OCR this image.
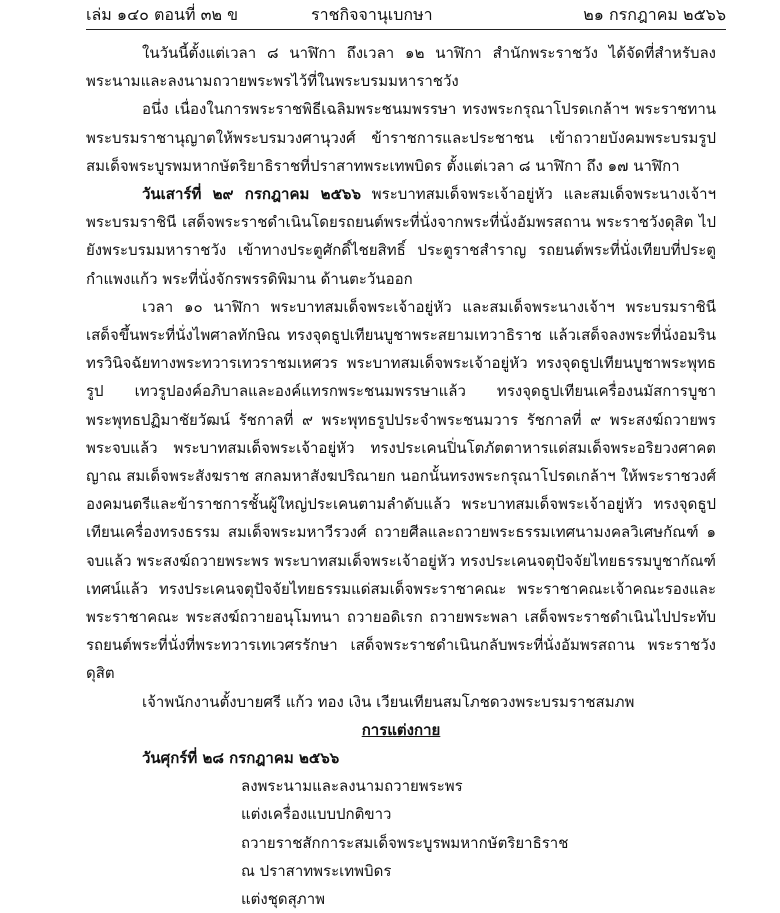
เล่ม ๑๔๐ ตอนที่ ๓๒ ข	ราชกิจจานุเบกษา	๒๑ กรกฎาคม ๒๕๖๖

ในวันนี้ตั้งแต่เวลา ๘ นาฬิกา ถึงเวลา ๑๒ นาฬิกา สำนักพระราชวัง ได้จัดที่สำหรับลงพระนามและลงนามถวายพระพรไว้ที่ในพระบรมมหาราชวัง

อนึ่ง เนื่องในการพระราชพิธีเฉลิมพระชนมพรรษา ทรงพระกรุณาโปรดเกล้าฯ พระราชทานพระบรมราชานุญาตให้พระบรมวงศานุวงศ์ ข้าราชการและประชาชน เข้าถวายบังคมพระบรมรูปสมเด็จพระบูรพมหากษัตริยาธิราชที่ปราสาทพระเทพบิดร ตั้งแต่เวลา ๘ นาฬิกา ถึง ๑๗ นาฬิกา

วันเสาร์ที่ ๒๙ กรกฎาคม ๒๕๖๖ พระบาทสมเด็จพระเจ้าอยู่หัว และสมเด็จพระนางเจ้าฯ พระบรมราชินี เสด็จพระราชดำเนินโดยรถยนต์พระที่นั่งจากพระที่นั่งอัมพรสถาน พระราชวังดุสิต ไปยังพระบรมมหาราชวัง เข้าทางประตูศักดิ์ไชยสิทธิ์ ประตูราชสำราญ รถยนต์พระที่นั่งเทียบที่ประตูกำแพงแก้ว พระที่นั่งจักรพรรดิพิมาน ด้านตะวันออก

เวลา ๑๐ นาฬิกา พระบาทสมเด็จพระเจ้าอยู่หัว และสมเด็จพระนางเจ้าฯ พระบรมราชินี เสด็จขึ้นพระที่นั่งไพศาลทักษิณ ทรงจุดธูปเทียนบูชาพระสยามเทวาธิราช แล้วเสด็จลงพระที่นั่งอมรินทรวินิจฉัยทางพระทวารเทวราชมเหศวร พระบาทสมเด็จพระเจ้าอยู่หัว ทรงจุดธูปเทียนบูชาพระพุทธรูป เทวรูปองค์อภิบาลและองค์แทรกพระชนมพรรษาแล้ว ทรงจุดธูปเทียนเครื่องนมัสการบูชาพระพุทธปฏิมาชัยวัฒน์ รัชกาลที่ ๙ พระพุทธรูปประจำพระชนมวาร รัชกาลที่ ๙ พระสงฆ์ถวายพรพระจบแล้ว พระบาทสมเด็จพระเจ้าอยู่หัว ทรงประเคนปิ่นโตภัตตาหารแด่สมเด็จพระอริยวงศาคตญาณ สมเด็จพระสังฆราช สกลมหาสังฆปริณายก นอกนั้นทรงพระกรุณาโปรดเกล้าฯ ให้พระราชวงศ์ องคมนตรีและข้าราชการชั้นผู้ใหญ่ประเคนตามลำดับแล้ว พระบาทสมเด็จพระเจ้าอยู่หัว ทรงจุดธูปเทียนเครื่องทรงธรรม สมเด็จพระมหาวีรวงศ์ ถวายศีลและถวายพระธรรมเทศนามงคลวิเศษกัณฑ์ ๑ จบแล้ว พระสงฆ์ถวายพระพร พระบาทสมเด็จพระเจ้าอยู่หัว ทรงประเคนจตุปัจจัยไทยธรรมบูชากัณฑ์เทศน์แล้ว ทรงประเคนจตุปัจจัยไทยธรรมแด่สมเด็จพระราชาคณะ พระราชาคณะเจ้าคณะรองและพระราชาคณะ พระสงฆ์ถวายอนุโมทนา ถวายอดิเรก ถวายพระพลา เสด็จพระราชดำเนินไปประทับรถยนต์พระที่นั่งที่พระทวารเทเวศรรักษา เสด็จพระราชดำเนินกลับพระที่นั่งอัมพรสถาน พระราชวังดุสิต

เจ้าพนักงานตั้งบายศรี แก้ว ทอง เงิน เวียนเทียนสมโภชดวงพระบรมราชสมภพ

การแต่งกาย

วันศุกร์ที่ ๒๘ กรกฎาคม ๒๕๖๖

ลงพระนามและลงนามถวายพระพร

แต่งเครื่องแบบปกติขาว

ถวายราชสักการะสมเด็จพระบูรพมหากษัตริยาธิราช

ณ ปราสาทพระเทพบิดร

แต่งชุดสุภาพ
